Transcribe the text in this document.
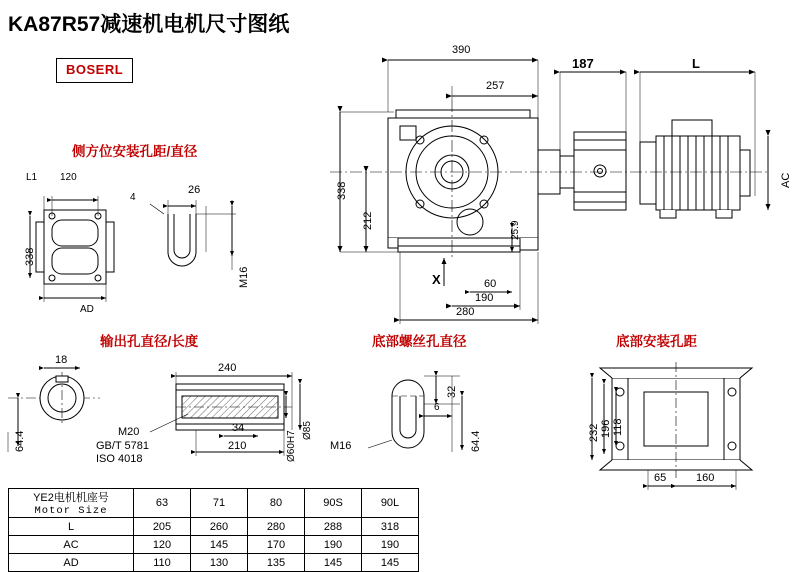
KA87R57减速机电机尺寸图纸
BOSERL
侧方位安装孔距/直径
输出孔直径/长度	底部螺丝孔直径	底部安装孔距
390
257
187	L
338
212	25.9
AC
X	60
190
280
L1 120
26
4
338
AD
M16
18
64.4
240
210
34	Ø85
Ø60H7
M20
GB/T 5781
ISO 4018
32
6
64.4
M16
232 196 118
65	160
YE2电机机座号
Motor Size	63	71	80	90S	90L
L	205	260	280	288	318
AC	120	145	170	190	190
AD	110	130	135	145	145
